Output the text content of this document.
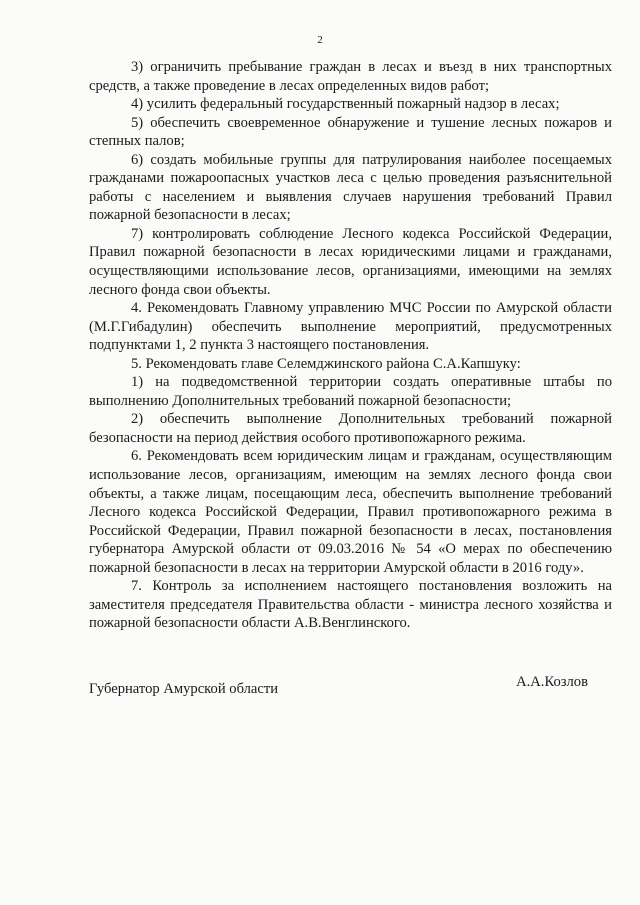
2

3) ограничить пребывание граждан в лесах и въезд в них транспортных средств, а также проведение в лесах определенных видов работ;

4) усилить федеральный государственный пожарный надзор в лесах;

5) обеспечить своевременное обнаружение и тушение лесных пожаров и степных палов;

6) создать мобильные группы для патрулирования наиболее посещаемых гражданами пожароопасных участков леса с целью проведения разъяснительной работы с населением и выявления случаев нарушения требований Правил пожарной безопасности в лесах;

7) контролировать соблюдение Лесного кодекса Российской Федерации, Правил пожарной безопасности в лесах юридическими лицами и гражданами, осуществляющими использование лесов, организациями, имеющими на землях лесного фонда свои объекты.

4. Рекомендовать Главному управлению МЧС России по Амурской области (М.Г.Гибадулин) обеспечить выполнение мероприятий, предусмотренных подпунктами 1, 2 пункта 3 настоящего постановления.

5. Рекомендовать главе Селемджинского района С.А.Капшуку:

1) на подведомственной территории создать оперативные штабы по выполнению Дополнительных требований пожарной безопасности;

2) обеспечить выполнение Дополнительных требований пожарной безопасности на период действия особого противопожарного режима.

6. Рекомендовать всем юридическим лицам и гражданам, осуществляющим использование лесов, организациям, имеющим на землях лесного фонда свои объекты, а также лицам, посещающим леса, обеспечить выполнение требований Лесного кодекса Российской Федерации, Правил противопожарного режима в Российской Федерации, Правил пожарной безопасности в лесах, постановления губернатора Амурской области от 09.03.2016 № 54 «О мерах по обеспечению пожарной безопасности в лесах на территории Амурской области в 2016 году».

7. Контроль за исполнением настоящего постановления возложить на заместителя председателя Правительства области - министра лесного хозяйства и пожарной безопасности области А.В.Венглинского.

Губернатор Амурской области	А.А.Козлов
